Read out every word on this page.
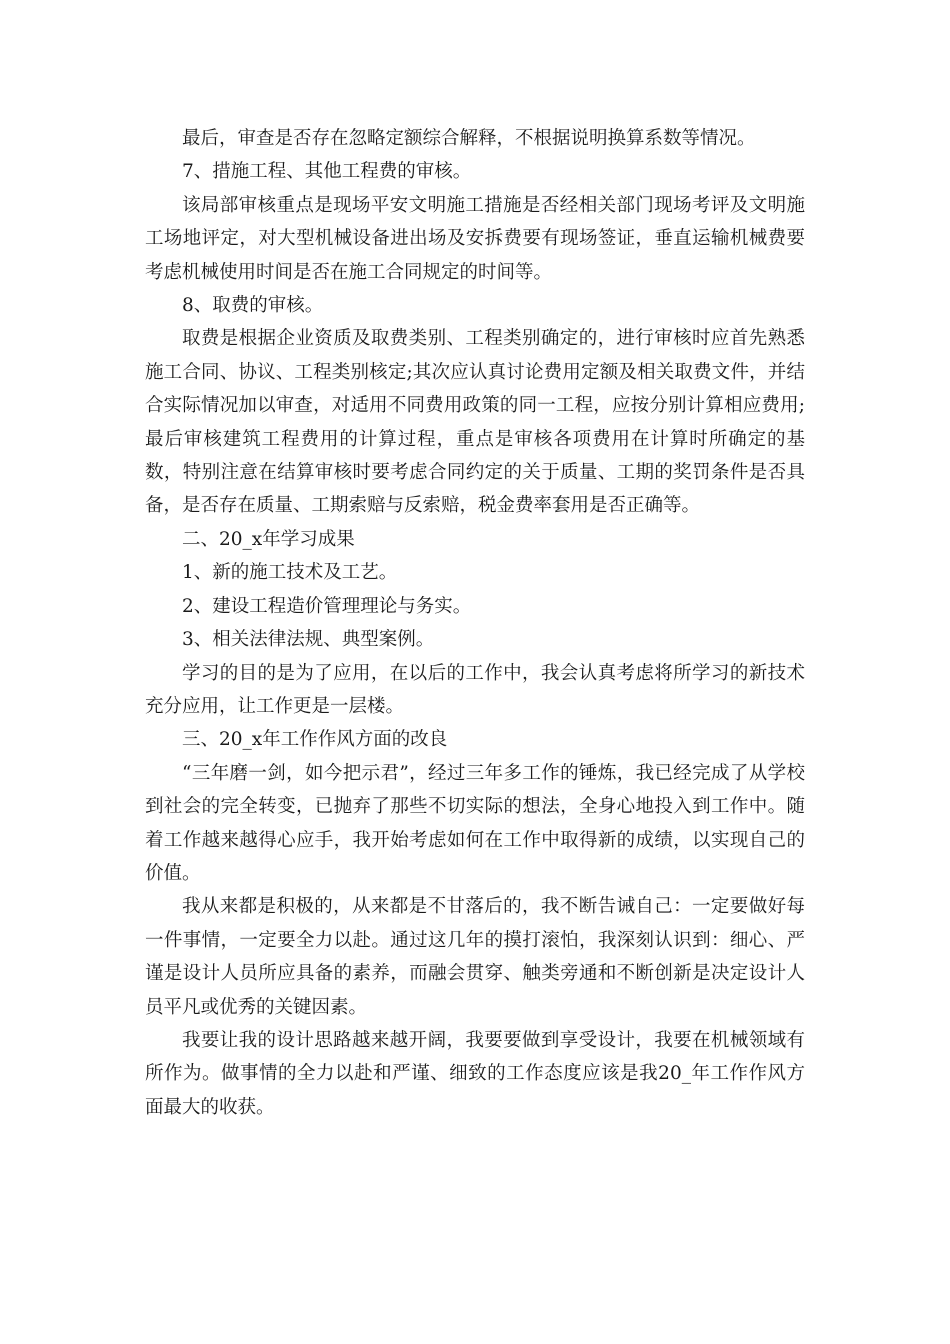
最后，审查是否存在忽略定额综合解释，不根据说明换算系数等情况。

7、措施工程、其他工程费的审核。

该局部审核重点是现场平安文明施工措施是否经相关部门现场考评及文明施工场地评定，对大型机械设备进出场及安拆费要有现场签证，垂直运输机械费要考虑机械使用时间是否在施工合同规定的时间等。

8、取费的审核。

取费是根据企业资质及取费类别、工程类别确定的，进行审核时应首先熟悉施工合同、协议、工程类别核定;其次应认真讨论费用定额及相关取费文件，并结合实际情况加以审查，对适用不同费用政策的同一工程，应按分别计算相应费用;最后审核建筑工程费用的计算过程，重点是审核各项费用在计算时所确定的基数，特别注意在结算审核时要考虑合同约定的关于质量、工期的奖罚条件是否具备，是否存在质量、工期索赔与反索赔，税金费率套用是否正确等。

二、20_x年学习成果

1、新的施工技术及工艺。

2、建设工程造价管理理论与务实。

3、相关法律法规、典型案例。

学习的目的是为了应用，在以后的工作中，我会认真考虑将所学习的新技术充分应用，让工作更是一层楼。

三、20_x年工作作风方面的改良

“三年磨一剑，如今把示君”，经过三年多工作的锤炼，我已经完成了从学校到社会的完全转变，已抛弃了那些不切实际的想法，全身心地投入到工作中。随着工作越来越得心应手，我开始考虑如何在工作中取得新的成绩，以实现自己的价值。

我从来都是积极的，从来都是不甘落后的，我不断告诫自己：一定要做好每一件事情，一定要全力以赴。通过这几年的摸打滚怕，我深刻认识到：细心、严谨是设计人员所应具备的素养，而融会贯穿、触类旁通和不断创新是决定设计人员平凡或优秀的关键因素。

我要让我的设计思路越来越开阔，我要要做到享受设计，我要在机械领域有所作为。做事情的全力以赴和严谨、细致的工作态度应该是我20_年工作作风方面最大的收获。
